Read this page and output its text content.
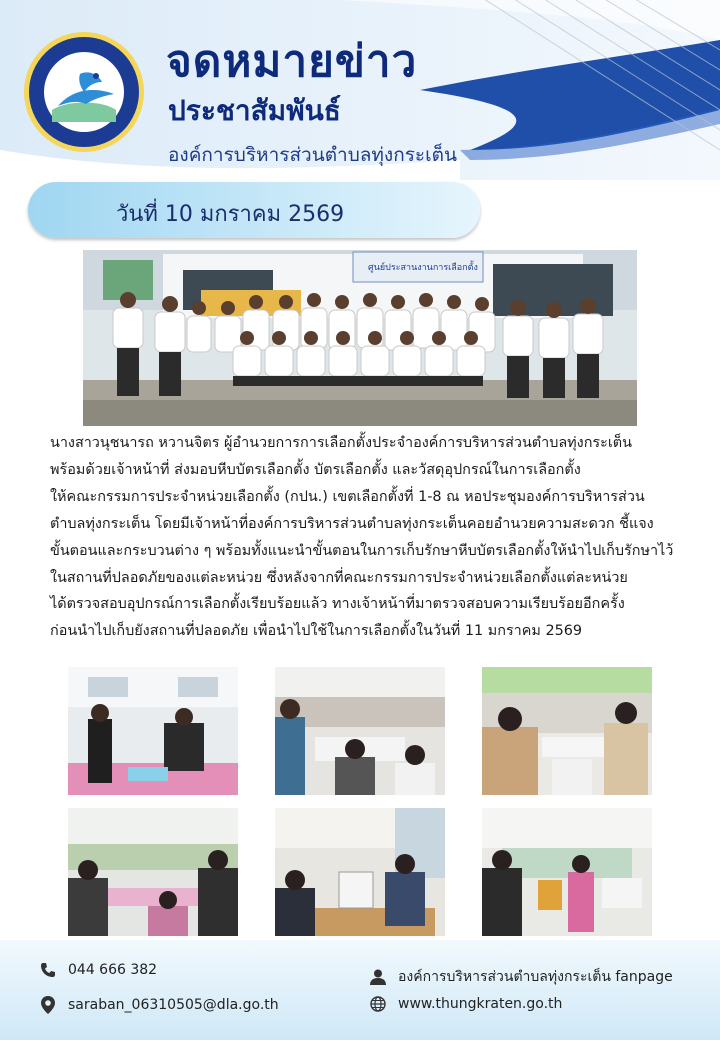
จดหมายข่าว
ประชาสัมพันธ์
องค์การบริหารส่วนตำบลทุ่งกระเต็น
วันที่ 10 มกราคม 2569
ศูนย์ประสานงานการเลือกตั้ง
นางสาวนุชนารถ หวานจิตร ผู้อำนวยการการเลือกตั้งประจำองค์การบริหารส่วนตำบลทุ่งกระเต็น
พร้อมด้วยเจ้าหน้าที่ ส่งมอบหีบบัตรเลือกตั้ง บัตรเลือกตั้ง และวัสดุอุปกรณ์ในการเลือกตั้ง
ให้คณะกรรมการประจำหน่วยเลือกตั้ง (กปน.) เขตเลือกตั้งที่ 1-8 ณ หอประชุมองค์การบริหารส่วน
ตำบลทุ่งกระเต็น โดยมีเจ้าหน้าที่องค์การบริหารส่วนตำบลทุ่งกระเต็นคอยอำนวยความสะดวก ชี้แจง
ขั้นตอนและกระบวนต่าง ๆ พร้อมทั้งแนะนำขั้นตอนในการเก็บรักษาหีบบัตรเลือกตั้งให้นำไปเก็บรักษาไว้
ในสถานที่ปลอดภัยของแต่ละหน่วย ซึ่งหลังจากที่คณะกรรมการประจำหน่วยเลือกตั้งแต่ละหน่วย
ได้ตรวจสอบอุปกรณ์การเลือกตั้งเรียบร้อยแล้ว ทางเจ้าหน้าที่มาตรวจสอบความเรียบร้อยอีกครั้ง
ก่อนนำไปเก็บยังสถานที่ปลอดภัย เพื่อนำไปใช้ในการเลือกตั้งในวันที่ 11 มกราคม 2569
044 666 382
saraban_06310505@dla.go.th
องค์การบริหารส่วนตำบลทุ่งกระเต็น fanpage
www.thungkraten.go.th
